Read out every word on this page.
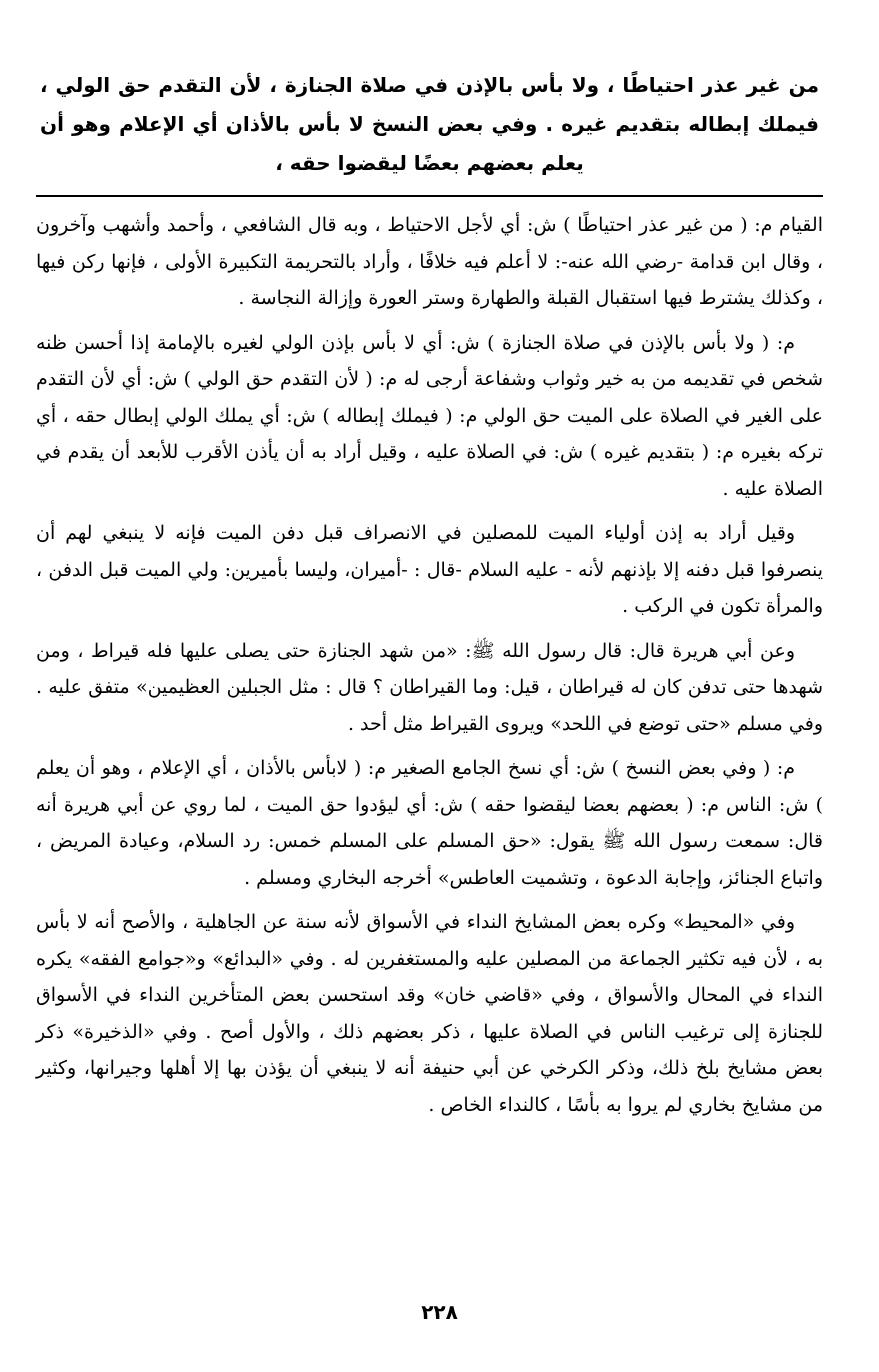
من غير عذر احتياطًا ، ولا بأس بالإذن في صلاة الجنازة ، لأن التقدم حق الولي ، فيملك إبطاله بتقديم غيره . وفي بعض النسخ لا بأس بالأذان أي الإعلام وهو أن يعلم بعضهم بعضًا ليقضوا حقه ،

القيام م: ( من غير عذر احتياطًا ) ش: أي لأجل الاحتياط ، وبه قال الشافعي ، وأحمد وأشهب وآخرون ، وقال ابن قدامة -رضي الله عنه-: لا أعلم فيه خلافًا ، وأراد بالتحريمة التكبيرة الأولى ، فإنها ركن فيها ، وكذلك يشترط فيها استقبال القبلة والطهارة وستر العورة وإزالة النجاسة .

م: ( ولا بأس بالإذن في صلاة الجنازة ) ش: أي لا بأس بإذن الولي لغيره بالإمامة إذا أحسن ظنه شخص في تقديمه من به خير وثواب وشفاعة أرجى له م: ( لأن التقدم حق الولي ) ش: أي لأن التقدم على الغير في الصلاة على الميت حق الولي م: ( فيملك إبطاله ) ش: أي يملك الولي إبطال حقه ، أي تركه بغيره م: ( بتقديم غيره ) ش: في الصلاة عليه ، وقيل أراد به أن يأذن الأقرب للأبعد أن يقدم في الصلاة عليه .

وقيل أراد به إذن أولياء الميت للمصلين في الانصراف قبل دفن الميت فإنه لا ينبغي لهم أن ينصرفوا قبل دفنه إلا بإذنهم لأنه - عليه السلام -قال : -أميران، وليسا بأميرين: ولي الميت قبل الدفن ، والمرأة تكون في الركب .

وعن أبي هريرة قال: قال رسول الله ﷺ: «من شهد الجنازة حتى يصلى عليها فله قيراط ، ومن شهدها حتى تدفن كان له قيراطان ، قيل: وما القيراطان ؟ قال : مثل الجبلين العظيمين» متفق عليه . وفي مسلم «حتى توضع في اللحد» ويروى القيراط مثل أحد .

م: ( وفي بعض النسخ ) ش: أي نسخ الجامع الصغير م: ( لابأس بالأذان ، أي الإعلام ، وهو أن يعلم ) ش: الناس م: ( بعضهم بعضا ليقضوا حقه ) ش: أي ليؤدوا حق الميت ، لما روي عن أبي هريرة أنه قال: سمعت رسول الله ﷺ يقول: «حق المسلم على المسلم خمس: رد السلام، وعيادة المريض ، واتباع الجنائز، وإجابة الدعوة ، وتشميت العاطس» أخرجه البخاري ومسلم .

وفي «المحيط» وكره بعض المشايخ النداء في الأسواق لأنه سنة عن الجاهلية ، والأصح أنه لا بأس به ، لأن فيه تكثير الجماعة من المصلين عليه والمستغفرين له . وفي «البدائع» و«جوامع الفقه» يكره النداء في المحال والأسواق ، وفي «قاضي خان» وقد استحسن بعض المتأخرين النداء في الأسواق للجنازة إلى ترغيب الناس في الصلاة عليها ، ذكر بعضهم ذلك ، والأول أصح . وفي «الذخيرة» ذكر بعض مشايخ بلخ ذلك، وذكر الكرخي عن أبي حنيفة أنه لا ينبغي أن يؤذن بها إلا أهلها وجيرانها، وكثير من مشايخ بخاري لم يروا به بأسًا ، كالنداء الخاص .

٢٢٨
